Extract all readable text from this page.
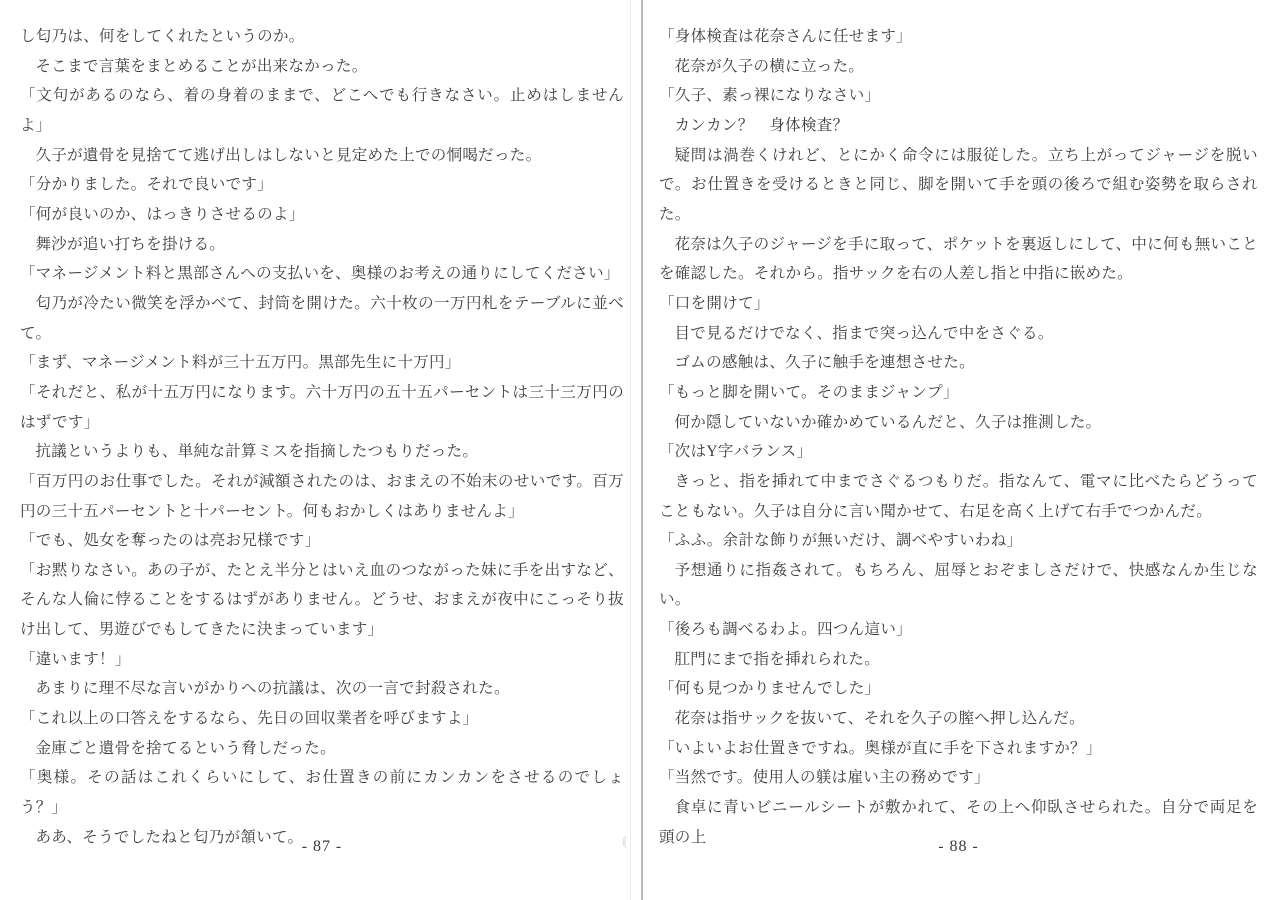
し匂乃は、何をしてくれたというのか。

そこまで言葉をまとめることが出来なかった。

「文句があるのなら、着の身着のままで、どこへでも行きなさい。止めはしませんよ」

久子が遺骨を見捨てて逃げ出しはしないと見定めた上での恫喝だった。

「分かりました。それで良いです」

「何が良いのか、はっきりさせるのよ」

舞沙が追い打ちを掛ける。

「マネージメント料と黒部さんへの支払いを、奥様のお考えの通りにしてください」

匂乃が冷たい微笑を浮かべて、封筒を開けた。六十枚の一万円札をテーブルに並べて。

「まず、マネージメント料が三十五万円。黒部先生に十万円」

「それだと、私が十五万円になります。六十万円の五十五パーセントは三十三万円のはずです」

抗議というよりも、単純な計算ミスを指摘したつもりだった。

「百万円のお仕事でした。それが減額されたのは、おまえの不始末のせいです。百万円の三十五パーセントと十パーセント。何もおかしくはありませんよ」

「でも、処女を奪ったのは亮お兄様です」

「お黙りなさい。あの子が、たとえ半分とはいえ血のつながった妹に手を出すなど、そんな人倫に悖ることをするはずがありません。どうせ、おまえが夜中にこっそり抜け出して、男遊びでもしてきたに決まっています」

「違います！」

あまりに理不尽な言いがかりへの抗議は、次の一言で封殺された。

「これ以上の口答えをするなら、先日の回収業者を呼びますよ」

金庫ごと遺骨を捨てるという脅しだった。

「奥様。その話はこれくらいにして、お仕置きの前にカンカンをさせるのでしょう？」

ああ、そうでしたねと匂乃が頷いて。

- 87 -

「身体検査は花奈さんに任せます」

花奈が久子の横に立った。

「久子、素っ裸になりなさい」

カンカン？　身体検査？

疑問は渦巻くけれど、とにかく命令には服従した。立ち上がってジャージを脱いで。お仕置きを受けるときと同じ、脚を開いて手を頭の後ろで組む姿勢を取らされた。

花奈は久子のジャージを手に取って、ポケットを裏返しにして、中に何も無いことを確認した。それから。指サックを右の人差し指と中指に嵌めた。

「口を開けて」

目で見るだけでなく、指まで突っ込んで中をさぐる。

ゴムの感触は、久子に触手を連想させた。

「もっと脚を開いて。そのままジャンプ」

何か隠していないか確かめているんだと、久子は推測した。

「次はY字バランス」

きっと、指を挿れて中までさぐるつもりだ。指なんて、電マに比べたらどうってこともない。久子は自分に言い聞かせて、右足を高く上げて右手でつかんだ。

「ふふ。余計な飾りが無いだけ、調べやすいわね」

予想通りに指姦されて。もちろん、屈辱とおぞましさだけで、快感なんか生じない。

「後ろも調べるわよ。四つん這い」

肛門にまで指を挿れられた。

「何も見つかりませんでした」

花奈は指サックを抜いて、それを久子の膣へ押し込んだ。

「いよいよお仕置きですね。奥様が直に手を下されますか？」

「当然です。使用人の躾は雇い主の務めです」

食卓に青いビニールシートが敷かれて、その上へ仰臥させられた。自分で両足を頭の上

- 88 -
((
